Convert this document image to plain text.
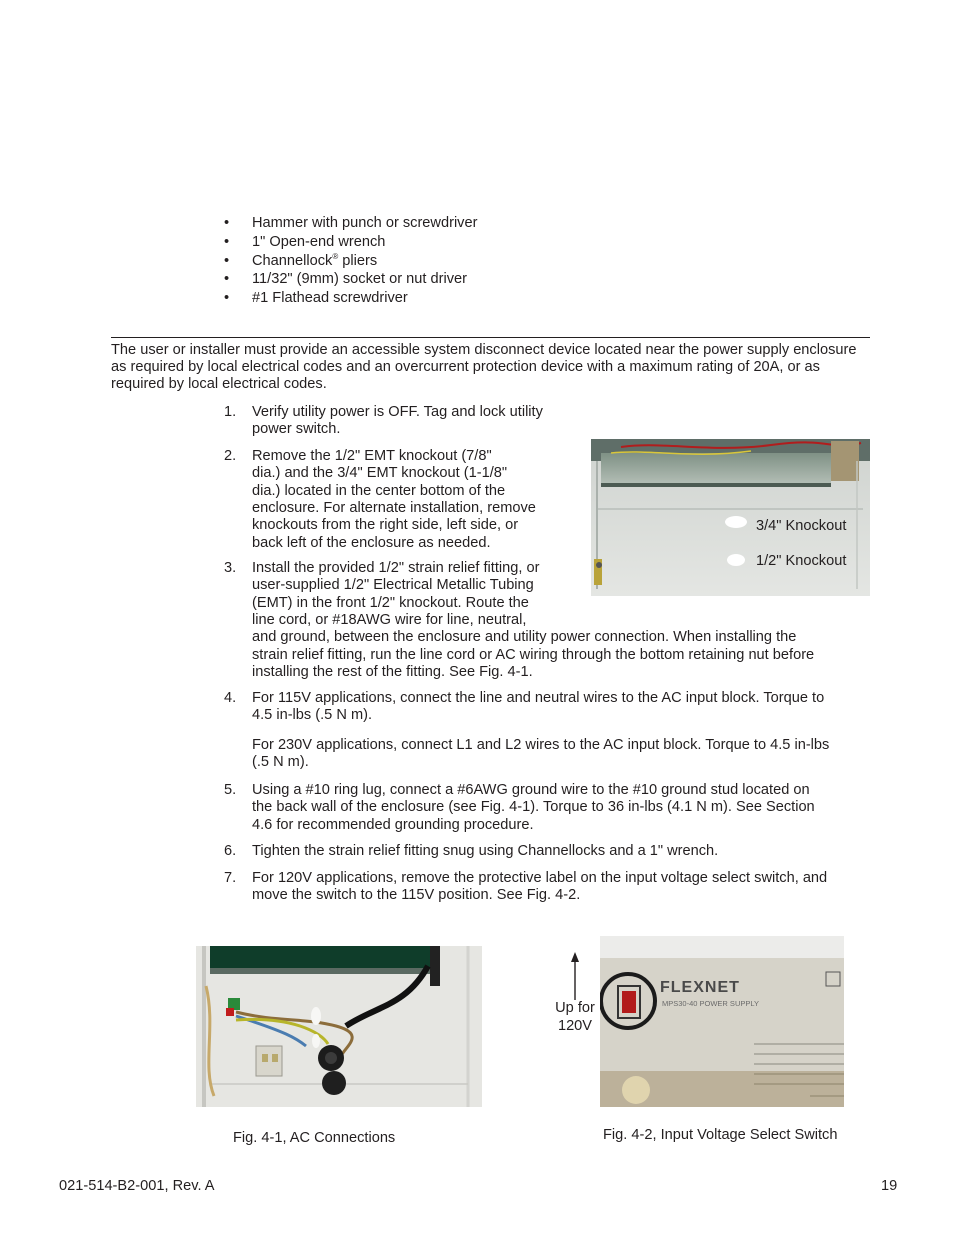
• Hammer with punch or screwdriver
• 1" Open-end wrench
• Channellock® pliers
• 11/32" (9mm) socket or nut driver
• #1 Flathead screwdriver
The user or installer must provide an accessible system disconnect device located near the power supply enclosure as required by local electrical codes and an overcurrent protection device with a maximum rating of 20A, or as required by local electrical codes.
1.	Verify utility power is OFF. Tag and lock utility
power switch.
2.	Remove the 1/2" EMT knockout (7/8"
dia.) and the 3/4" EMT knockout (1-1/8"
dia.) located in the center bottom of the
enclosure. For alternate installation, remove
knockouts from the right side, left side, or
back left of the enclosure as needed.
3.	Install the provided 1/2" strain relief fitting, or
user-supplied 1/2" Electrical Metallic Tubing
(EMT) in the front 1/2" knockout. Route the
line cord, or #18AWG wire for line, neutral,
and ground, between the enclosure and utility power connection. When installing the
strain relief fitting, run the line cord or AC wiring through the bottom retaining nut before
installing the rest of the fitting. See Fig. 4-1.
4.	For 115V applications, connect the line and neutral wires to the AC input block. Torque to
4.5 in-lbs (.5 N m).
For 230V applications, connect L1 and L2 wires to the AC input block. Torque to 4.5 in-lbs
(.5 N m).
5.	Using a #10 ring lug, connect a #6AWG ground wire to the #10 ground stud located on
the back wall of the enclosure (see Fig. 4-1). Torque to 36 in-lbs (4.1 N m). See Section
4.6 for recommended grounding procedure.
6.	Tighten the strain relief fitting snug using Channellocks and a 1" wrench.
7.	For 120V applications, remove the protective label on the input voltage select switch, and
move the switch to the 115V position. See Fig. 4-2.
3/4" Knockout
1/2" Knockout
FLEXNET
MPS30-40 POWER SUPPLY
Up for
120V
Fig. 4-1, AC Connections	Fig. 4-2, Input Voltage Select Switch
021-514-B2-001, Rev. A	19
